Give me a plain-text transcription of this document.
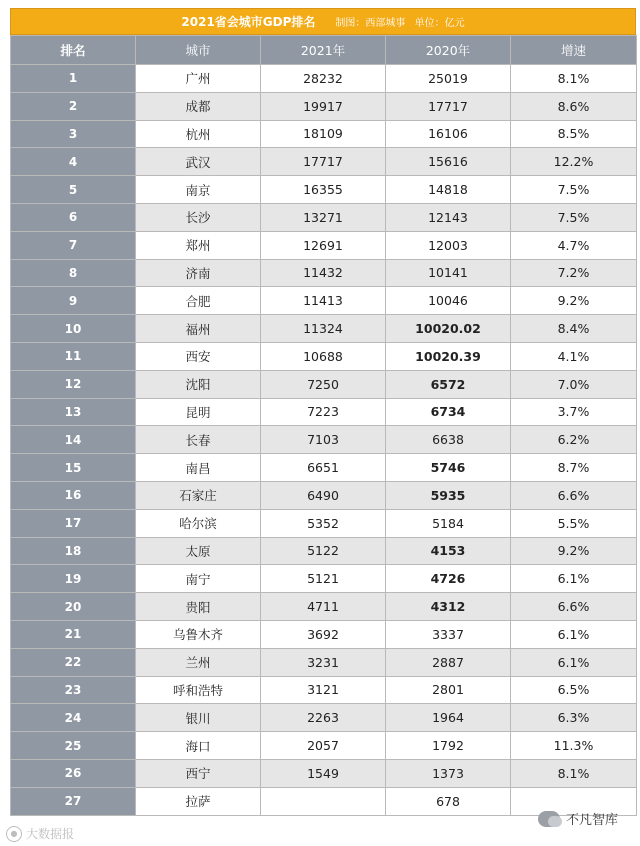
2021省会城市GDP排名	制图：西部城事 单位：亿元
排名	城市	2021年	2020年	增速
1	广州	28232	25019	8.1%
2	成都	19917	17717	8.6%
3	杭州	18109	16106	8.5%
4	武汉	17717	15616	12.2%
5	南京	16355	14818	7.5%
6	长沙	13271	12143	7.5%
7	郑州	12691	12003	4.7%
8	济南	11432	10141	7.2%
9	合肥	11413	10046	9.2%
10	福州	11324	10020.02	8.4%
11	西安	10688	10020.39	4.1%
12	沈阳	7250	6572	7.0%
13	昆明	7223	6734	3.7%
14	长春	7103	6638	6.2%
15	南昌	6651	5746	8.7%
16	石家庄	6490	5935	6.6%
17	哈尔滨	5352	5184	5.5%
18	太原	5122	4153	9.2%
19	南宁	5121	4726	6.1%
20	贵阳	4711	4312	6.6%
21	乌鲁木齐	3692	3337	6.1%
22	兰州	3231	2887	6.1%
23	呼和浩特	3121	2801	6.5%
24	银川	2263	1964	6.3%
25	海口	2057	1792	11.3%
26	西宁	1549	1373	8.1%
27	拉萨		678	
● 大数据报
不凡智库
